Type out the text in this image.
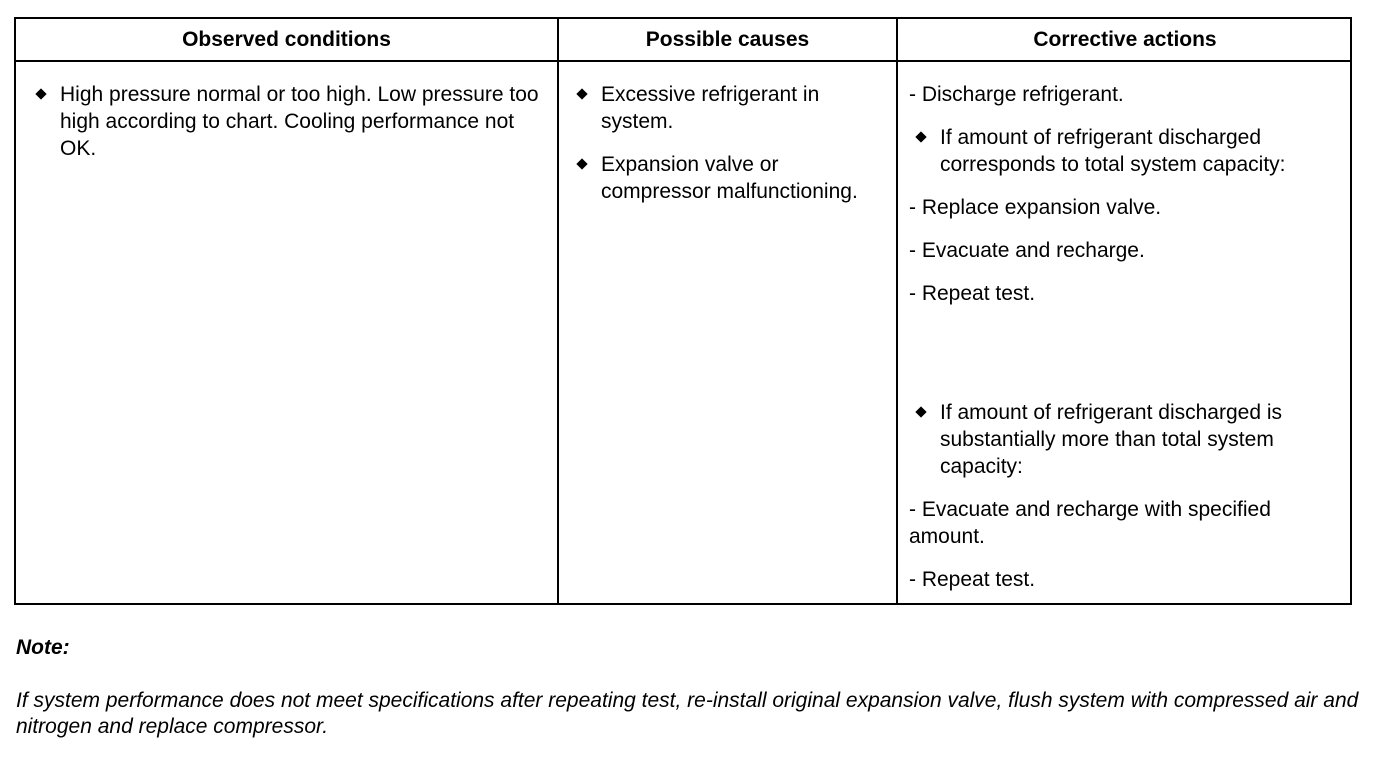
Observed conditions	Possible causes	Corrective actions
High pressure normal or too high. Low pressure too high according to chart. Cooling performance not OK.
Excessive refrigerant in system.
Expansion valve or compressor malfunctioning.
- Discharge refrigerant.
If amount of refrigerant discharged corresponds to total system capacity:
- Replace expansion valve.
- Evacuate and recharge.
- Repeat test.
If amount of refrigerant discharged is substantially more than total system capacity:
- Evacuate and recharge with specified amount.
- Repeat test.
Note:
If system performance does not meet specifications after repeating test, re-install original expansion valve, flush system with compressed air and nitrogen and replace compressor.
